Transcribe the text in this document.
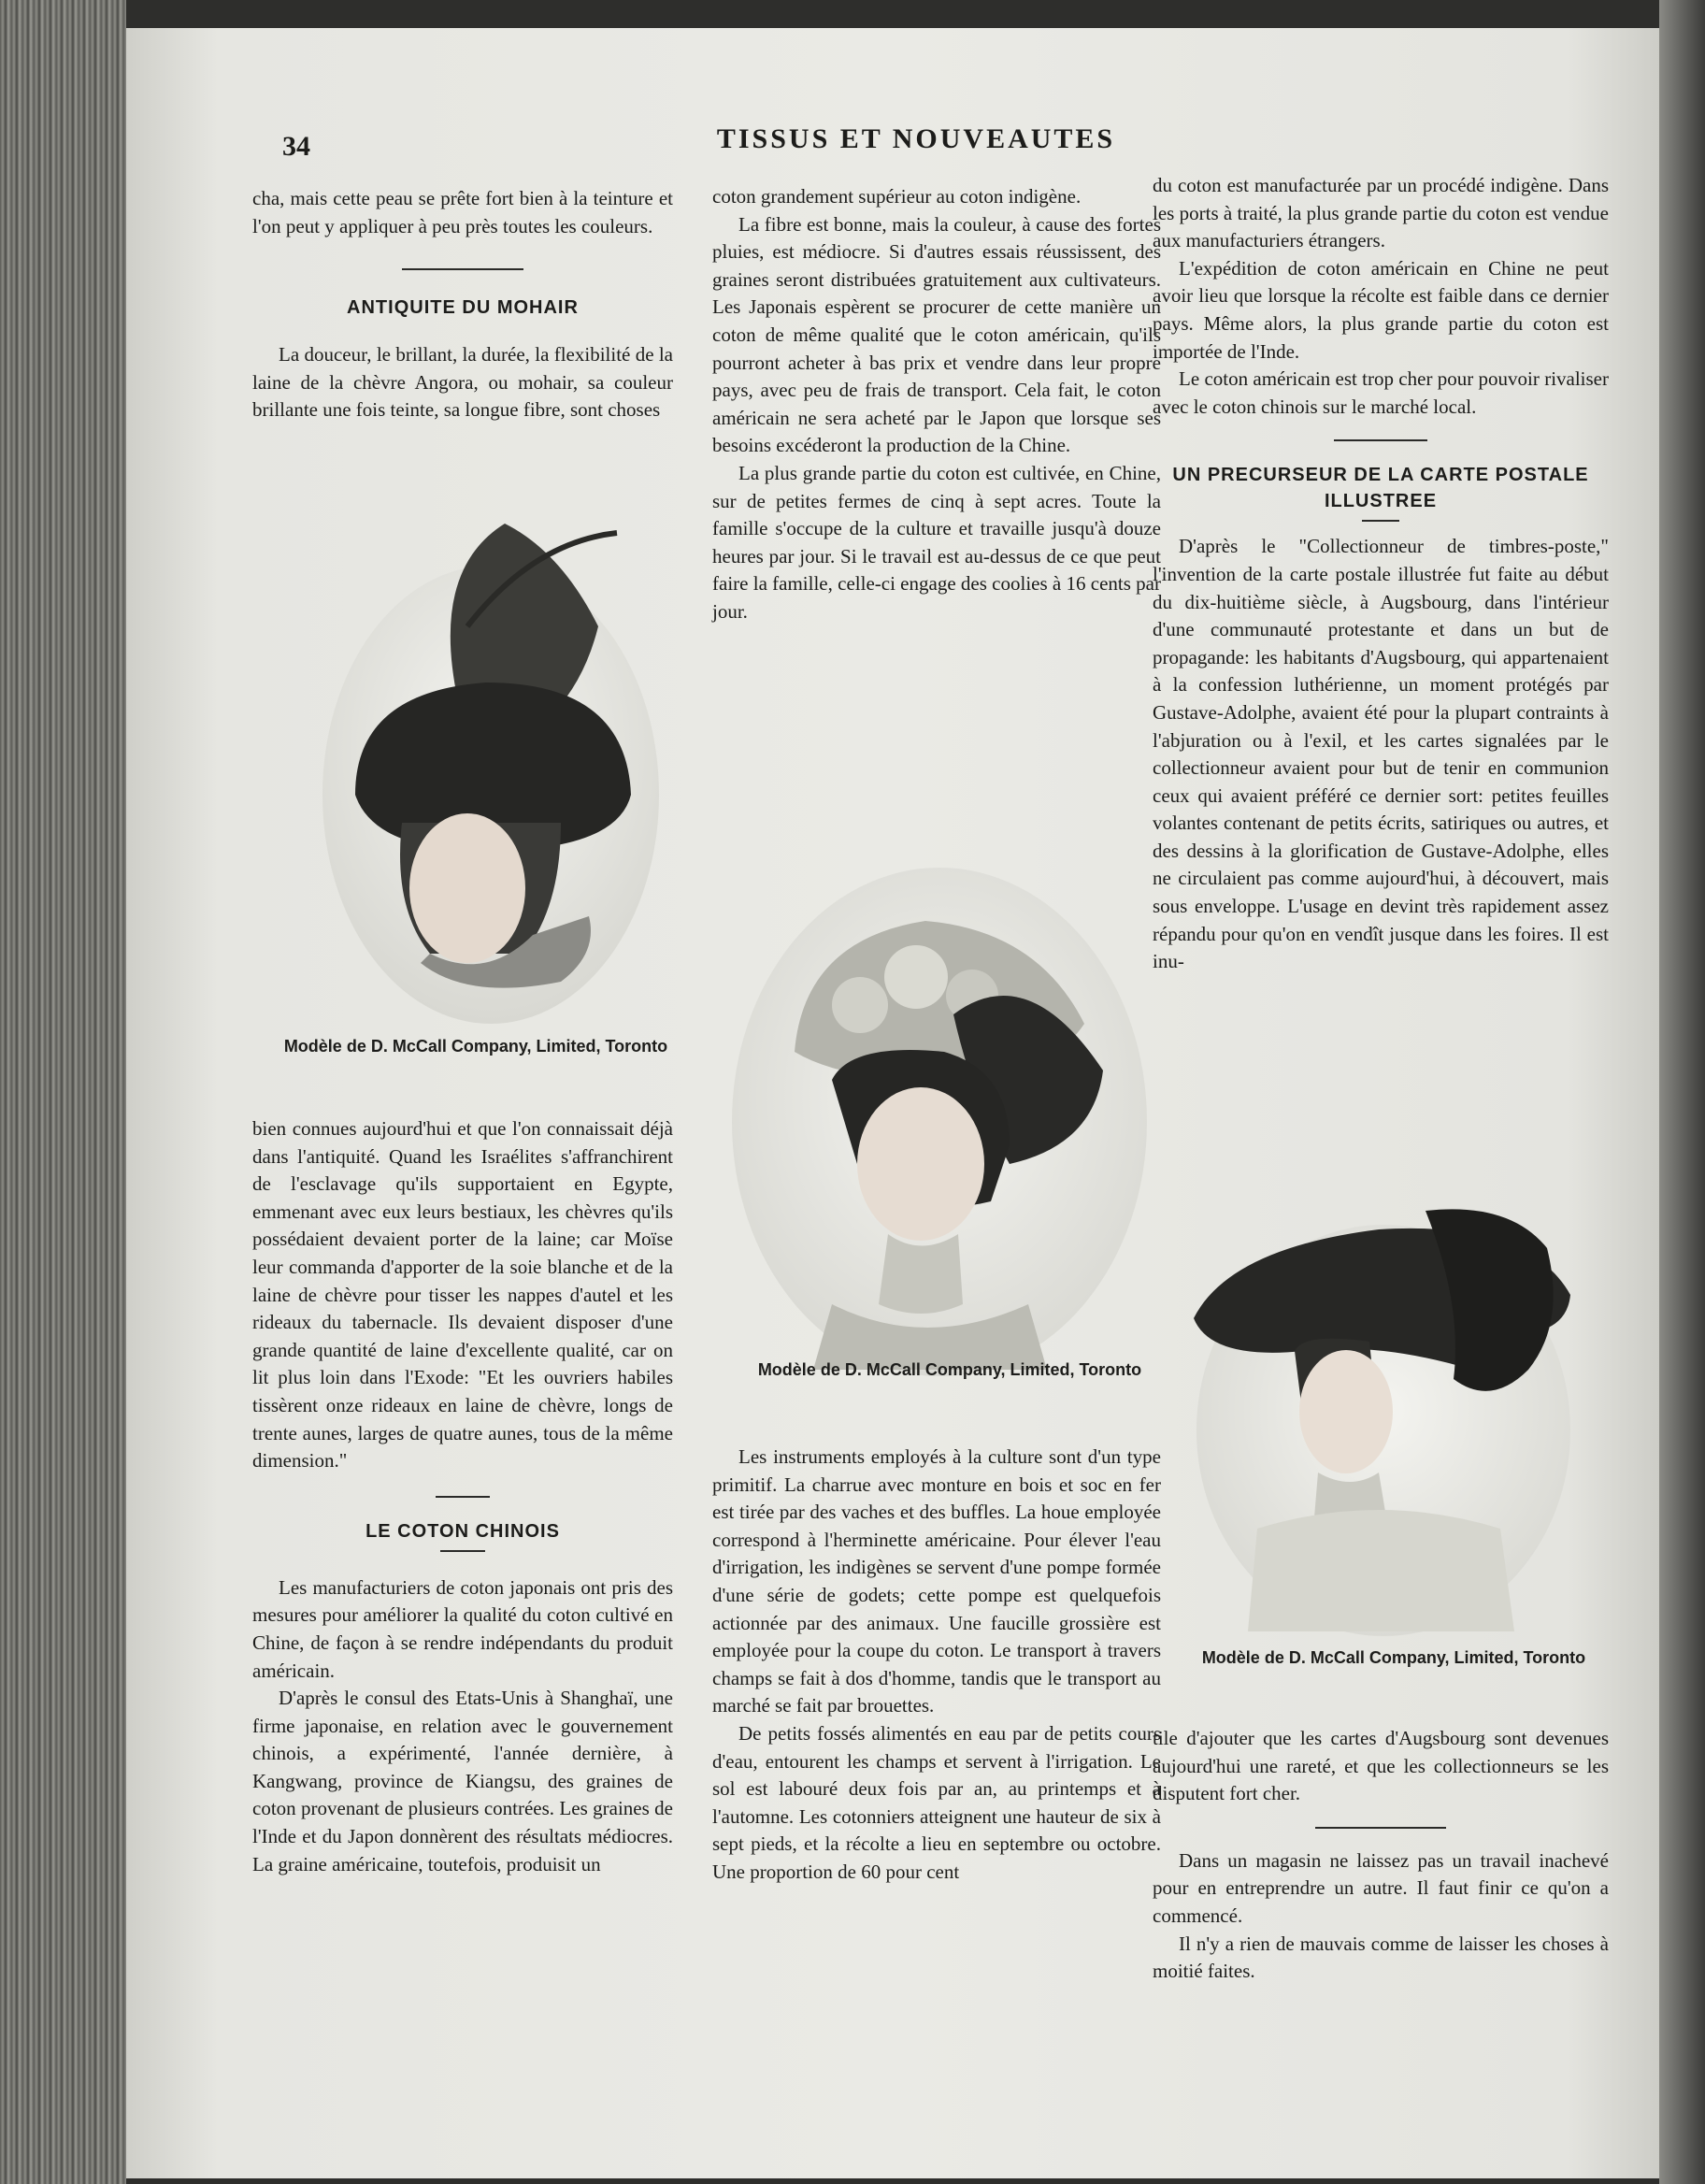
34	TISSUS ET NOUVEAUTES

cha, mais cette peau se prête fort bien à la teinture et l'on peut y appliquer à peu près toutes les couleurs.

ANTIQUITE DU MOHAIR

La douceur, le brillant, la durée, la flexibilité de la laine de la chèvre Angora, ou mohair, sa couleur brillante une fois teinte, sa longue fibre, sont choses

Modèle de D. McCall Company, Limited, Toronto

bien connues aujourd'hui et que l'on connaissait déjà dans l'antiquité. Quand les Israélites s'affranchirent de l'esclavage qu'ils supportaient en Egypte, emmenant avec eux leurs bestiaux, les chèvres qu'ils possédaient devaient porter de la laine; car Moïse leur commanda d'apporter de la soie blanche et de la laine de chèvre pour tisser les nappes d'autel et les rideaux du tabernacle. Ils devaient disposer d'une grande quantité de laine d'excellente qualité, car on lit plus loin dans l'Exode: "Et les ouvriers habiles tissèrent onze rideaux en laine de chèvre, longs de trente aunes, larges de quatre aunes, tous de la même dimension."

LE COTON CHINOIS

Les manufacturiers de coton japonais ont pris des mesures pour améliorer la qualité du coton cultivé en Chine, de façon à se rendre indépendants du produit américain.

D'après le consul des Etats-Unis à Shanghaï, une firme japonaise, en relation avec le gouvernement chinois, a expérimenté, l'année dernière, à Kangwang, province de Kiangsu, des graines de coton provenant de plusieurs contrées. Les graines de l'Inde et du Japon donnèrent des résultats médiocres. La graine américaine, toutefois, produisit un

coton grandement supérieur au coton indigène.

La fibre est bonne, mais la couleur, à cause des fortes pluies, est médiocre. Si d'autres essais réussissent, des graines seront distribuées gratuitement aux cultivateurs. Les Japonais espèrent se procurer de cette manière un coton de même qualité que le coton américain, qu'ils pourront acheter à bas prix et vendre dans leur propre pays, avec peu de frais de transport. Cela fait, le coton américain ne sera acheté par le Japon que lorsque ses besoins excéderont la production de la Chine.

La plus grande partie du coton est cultivée, en Chine, sur de petites fermes de cinq à sept acres. Toute la famille s'occupe de la culture et travaille jusqu'à douze heures par jour. Si le travail est au-dessus de ce que peut faire la famille, celle-ci engage des coolies à 16 cents par jour.

Modèle de D. McCall Company, Limited, Toronto

Les instruments employés à la culture sont d'un type primitif. La charrue avec monture en bois et soc en fer est tirée par des vaches et des buffles. La houe employée correspond à l'herminette américaine. Pour élever l'eau d'irrigation, les indigènes se servent d'une pompe formée d'une série de godets; cette pompe est quelquefois actionnée par des animaux. Une faucille grossière est employée pour la coupe du coton. Le transport à travers champs se fait à dos d'homme, tandis que le transport au marché se fait par brouettes.

De petits fossés alimentés en eau par de petits cours d'eau, entourent les champs et servent à l'irrigation. Le sol est labouré deux fois par an, au printemps et à l'automne. Les cotonniers atteignent une hauteur de six à sept pieds, et la récolte a lieu en septembre ou octobre. Une proportion de 60 pour cent

du coton est manufacturée par un procédé indigène. Dans les ports à traité, la plus grande partie du coton est vendue aux manufacturiers étrangers.

L'expédition de coton américain en Chine ne peut avoir lieu que lorsque la récolte est faible dans ce dernier pays. Même alors, la plus grande partie du coton est importée de l'Inde.

Le coton américain est trop cher pour pouvoir rivaliser avec le coton chinois sur le marché local.

UN PRECURSEUR DE LA CARTE POSTALE ILLUSTREE

D'après le "Collectionneur de timbres-poste," l'invention de la carte postale illustrée fut faite au début du dix-huitième siècle, à Augsbourg, dans l'intérieur d'une communauté protestante et dans un but de propagande: les habitants d'Augsbourg, qui appartenaient à la confession luthérienne, un moment protégés par Gustave-Adolphe, avaient été pour la plupart contraints à l'abjuration ou à l'exil, et les cartes signalées par le collectionneur avaient pour but de tenir en communion ceux qui avaient préféré ce dernier sort: petites feuilles volantes contenant de petits écrits, satiriques ou autres, et des dessins à la glorification de Gustave-Adolphe, elles ne circulaient pas comme aujourd'hui, à découvert, mais sous enveloppe. L'usage en devint très rapidement assez répandu pour qu'on en vendît jusque dans les foires. Il est inu-

Modèle de D. McCall Company, Limited, Toronto

tile d'ajouter que les cartes d'Augsbourg sont devenues aujourd'hui une rareté, et que les collectionneurs se les disputent fort cher.

Dans un magasin ne laissez pas un travail inachevé pour en entreprendre un autre. Il faut finir ce qu'on a commencé.

Il n'y a rien de mauvais comme de laisser les choses à moitié faites.
